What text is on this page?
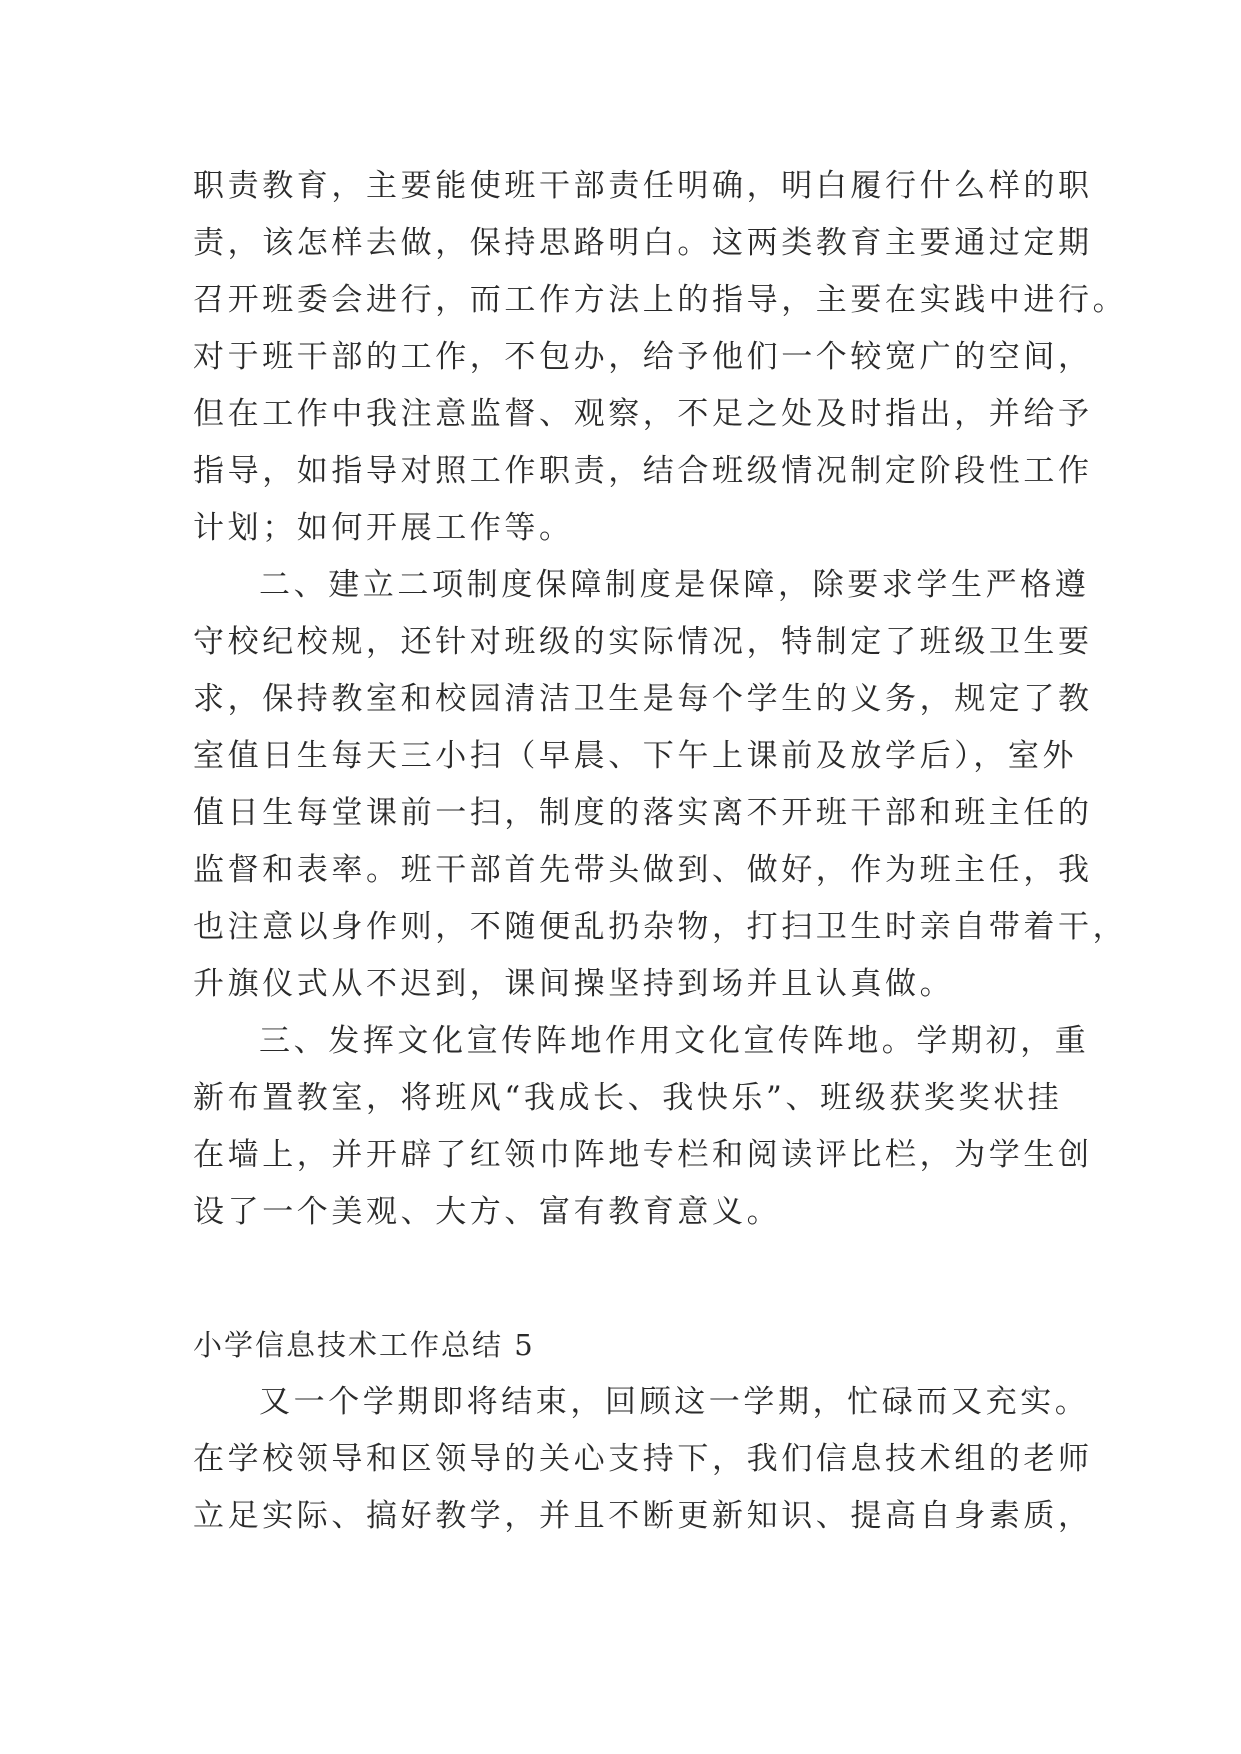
职责教育，主要能使班干部责任明确，明白履行什么样的职
责，该怎样去做，保持思路明白。这两类教育主要通过定期
召开班委会进行，而工作方法上的指导，主要在实践中进行。
对于班干部的工作，不包办，给予他们一个较宽广的空间，
但在工作中我注意监督、观察，不足之处及时指出，并给予
指导，如指导对照工作职责，结合班级情况制定阶段性工作
计划；如何开展工作等。
二、建立二项制度保障制度是保障，除要求学生严格遵
守校纪校规，还针对班级的实际情况，特制定了班级卫生要
求，保持教室和校园清洁卫生是每个学生的义务，规定了教
室值日生每天三小扫（早晨、下午上课前及放学后），室外
值日生每堂课前一扫，制度的落实离不开班干部和班主任的
监督和表率。班干部首先带头做到、做好，作为班主任，我
也注意以身作则，不随便乱扔杂物，打扫卫生时亲自带着干，
升旗仪式从不迟到，课间操坚持到场并且认真做。
三、发挥文化宣传阵地作用文化宣传阵地。学期初，重
新布置教室，将班风“我成长、我快乐”、班级获奖奖状挂
在墙上，并开辟了红领巾阵地专栏和阅读评比栏，为学生创
设了一个美观、大方、富有教育意义。
小学信息技术工作总结 5
又一个学期即将结束，回顾这一学期，忙碌而又充实。
在学校领导和区领导的关心支持下，我们信息技术组的老师
立足实际、搞好教学，并且不断更新知识、提高自身素质，
